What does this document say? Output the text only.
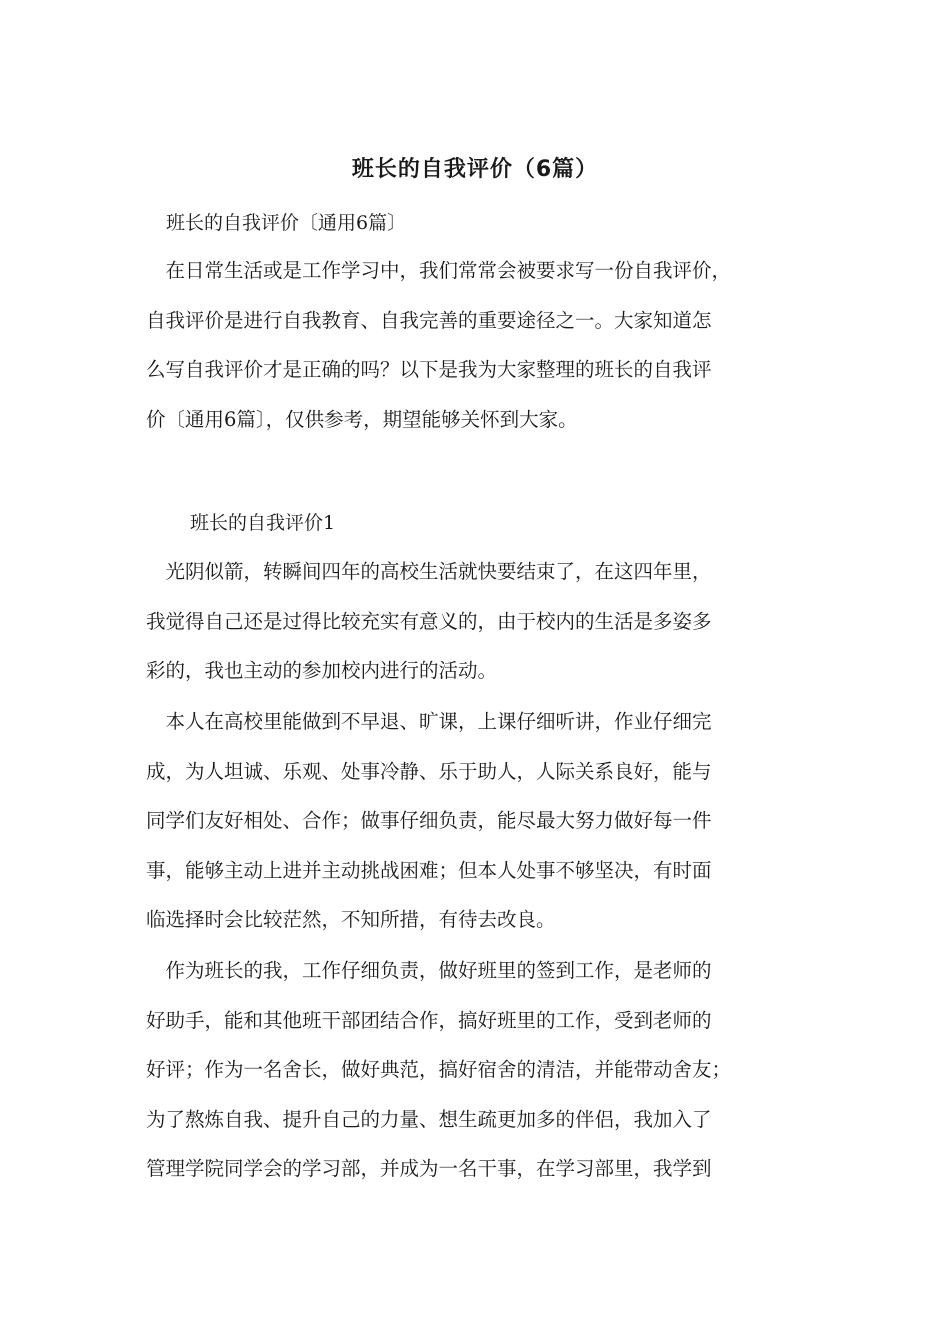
班长的自我评价（6篇）
班长的自我评价〔通用6篇〕
　在日常生活或是工作学习中，我们常常会被要求写一份自我评价，
自我评价是进行自我教育、自我完善的重要途径之一。大家知道怎
么写自我评价才是正确的吗？以下是我为大家整理的班长的自我评
价〔通用6篇〕，仅供参考，期望能够关怀到大家。
班长的自我评价1
　光阴似箭，转瞬间四年的高校生活就快要结束了，在这四年里，
我觉得自己还是过得比较充实有意义的，由于校内的生活是多姿多
彩的，我也主动的参加校内进行的活动。
　本人在高校里能做到不早退、旷课，上课仔细听讲，作业仔细完
成，为人坦诚、乐观、处事冷静、乐于助人，人际关系良好，能与
同学们友好相处、合作；做事仔细负责，能尽最大努力做好每一件
事，能够主动上进并主动挑战困难；但本人处事不够坚决，有时面
临选择时会比较茫然，不知所措，有待去改良。
　作为班长的我，工作仔细负责，做好班里的签到工作，是老师的
好助手，能和其他班干部团结合作，搞好班里的工作，受到老师的
好评；作为一名舍长，做好典范，搞好宿舍的清洁，并能带动舍友；
为了熬炼自我、提升自己的力量、想生疏更加多的伴侣，我加入了
管理学院同学会的学习部，并成为一名干事，在学习部里，我学到
